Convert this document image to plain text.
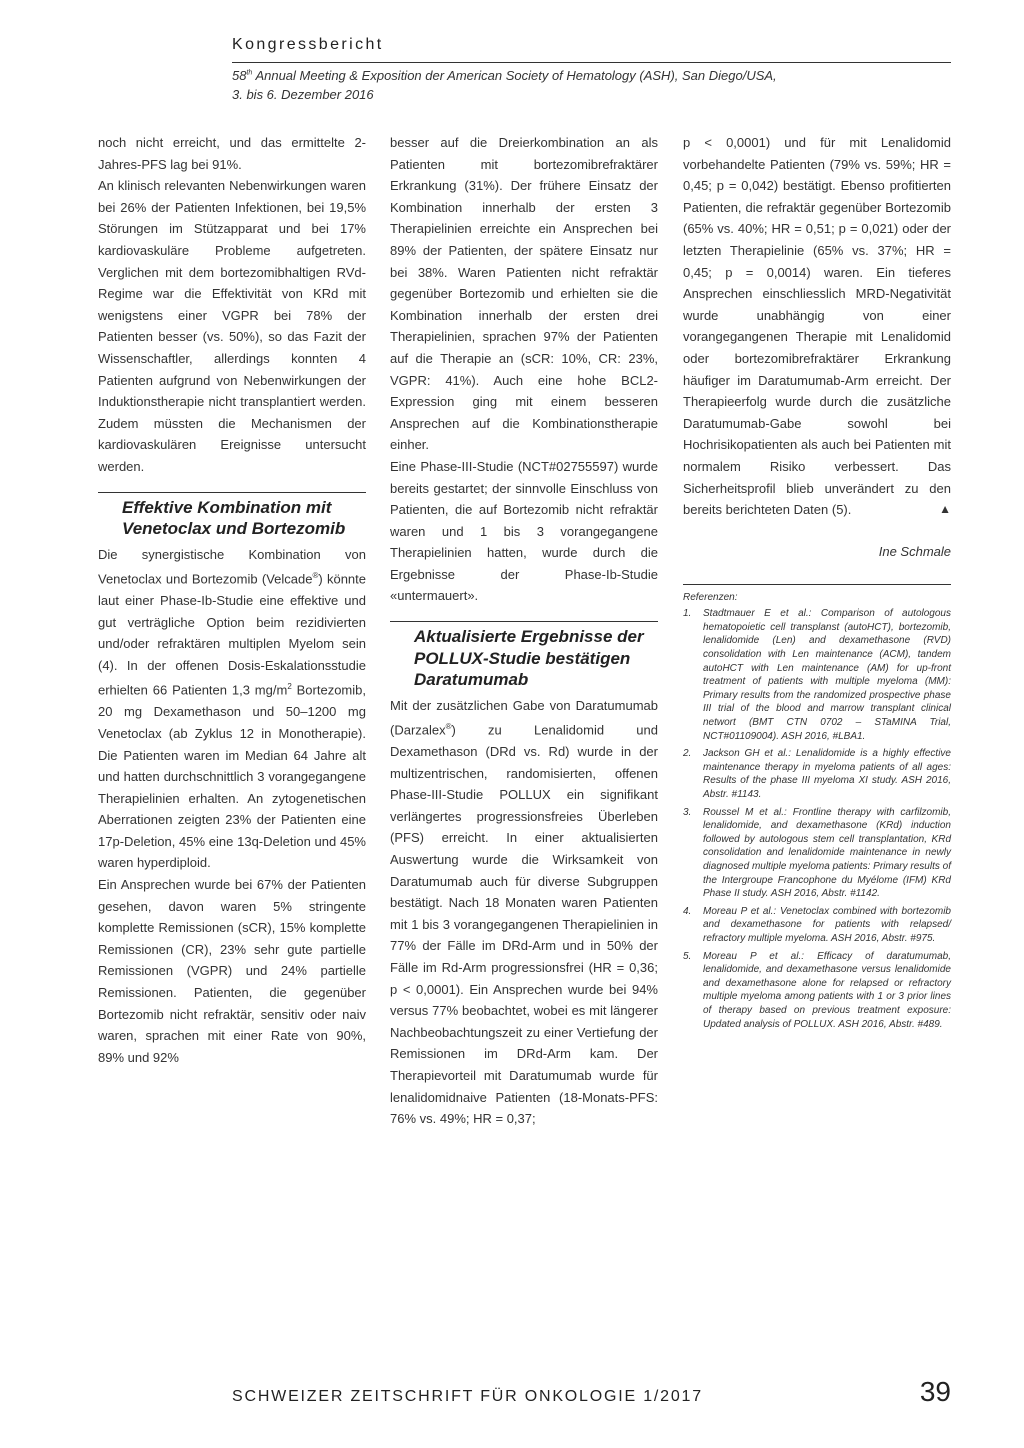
Kongressbericht
58th Annual Meeting & Exposition der American Society of Hematology (ASH), San Diego/USA,
3. bis 6. Dezember 2016

noch nicht erreicht, und das ermittelte 2-Jahres-PFS lag bei 91%.

An klinisch relevanten Nebenwirkungen waren bei 26% der Patienten Infektionen, bei 19,5% Störungen im Stützapparat und bei 17% kardiovaskuläre Probleme aufgetreten. Verglichen mit dem bortezomibhaltigen RVd-Regime war die Effektivität von KRd mit wenigstens einer VGPR bei 78% der Patienten besser (vs. 50%), so das Fazit der Wissenschaftler, allerdings konnten 4 Patienten aufgrund von Nebenwirkungen der Induktionstherapie nicht transplantiert werden. Zudem müssten die Mechanismen der kardiovaskulären Ereignisse untersucht werden.

Effektive Kombination mit Venetoclax und Bortezomib

Die synergistische Kombination von Venetoclax und Bortezomib (Velcade®) könnte laut einer Phase-Ib-Studie eine effektive und gut verträgliche Option beim rezidivierten und/oder refraktären multiplen Myelom sein (4). In der offenen Dosis-Eskalationsstudie erhielten 66 Patienten 1,3 $mg/m^2$ Bortezomib, 20 mg Dexamethason und 50–1200 mg Venetoclax (ab Zyklus 12 in Monotherapie). Die Patienten waren im Median 64 Jahre alt und hatten durchschnittlich 3 vorangegangene Therapielinien erhalten. An zytogenetischen Aberrationen zeigten 23% der Patienten eine 17p-Deletion, 45% eine 13q-Deletion und 45% waren hyperdiploid.

Ein Ansprechen wurde bei 67% der Patienten gesehen, davon waren 5% stringente komplette Remissionen (sCR), 15% komplette Remissionen (CR), 23% sehr gute partielle Remissionen (VGPR) und 24% partielle Remissionen. Patienten, die gegenüber Bortezomib nicht refraktär, sensitiv oder naiv waren, sprachen mit einer Rate von 90%, 89% und 92%

besser auf die Dreierkombination an als Patienten mit bortezomibrefraktärer Erkrankung (31%). Der frühere Einsatz der Kombination innerhalb der ersten 3 Therapielinien erreichte ein Ansprechen bei 89% der Patienten, der spätere Einsatz nur bei 38%. Waren Patienten nicht refraktär gegenüber Bortezomib und erhielten sie die Kombination innerhalb der ersten drei Therapielinien, sprachen 97% der Patienten auf die Therapie an (sCR: 10%, CR: 23%, VGPR: 41%). Auch eine hohe BCL2-Expression ging mit einem besseren Ansprechen auf die Kombinationstherapie einher.

Eine Phase-III-Studie (NCT#02755597) wurde bereits gestartet; der sinnvolle Einschluss von Patienten, die auf Bortezomib nicht refraktär waren und 1 bis 3 vorangegangene Therapielinien hatten, wurde durch die Ergebnisse der Phase-Ib-Studie «untermauert».

Aktualisierte Ergebnisse der POLLUX-Studie bestätigen Daratumumab

Mit der zusätzlichen Gabe von Daratumumab (Darzalex®) zu Lenalidomid und Dexamethason (DRd vs. Rd) wurde in der multizentrischen, randomisierten, offenen Phase-III-Studie POLLUX ein signifikant verlängertes progressionsfreies Überleben (PFS) erreicht. In einer aktualisierten Auswertung wurde die Wirksamkeit von Daratumumab auch für diverse Subgruppen bestätigt. Nach 18 Monaten waren Patienten mit 1 bis 3 vorangegangenen Therapielinien in 77% der Fälle im DRd-Arm und in 50% der Fälle im Rd-Arm progressionsfrei (HR = 0,36; p < 0,0001). Ein Ansprechen wurde bei 94% versus 77% beobachtet, wobei es mit längerer Nachbeobachtungszeit zu einer Vertiefung der Remissionen im DRd-Arm kam. Der Therapievorteil mit Daratumumab wurde für lenalidomidnaive Patienten (18-Monats-PFS: 76% vs. 49%; HR = 0,37;

p < 0,0001) und für mit Lenalidomid vorbehandelte Patienten (79% vs. 59%; HR = 0,45; p = 0,042) bestätigt. Ebenso profitierten Patienten, die refraktär gegenüber Bortezomib (65% vs. 40%; HR = 0,51; p = 0,021) oder der letzten Therapielinie (65% vs. 37%; HR = 0,45; p = 0,0014) waren. Ein tieferes Ansprechen einschliesslich MRD-Negativität wurde unabhängig von einer vorangegangenen Therapie mit Lenalidomid oder bortezomibrefraktärer Erkrankung häufiger im Daratumumab-Arm erreicht. Der Therapieerfolg wurde durch die zusätzliche Daratumumab-Gabe sowohl bei Hochrisikopatienten als auch bei Patienten mit normalem Risiko verbessert. Das Sicherheitsprofil blieb unverändert zu den bereits berichteten Daten (5).	▲

Ine Schmale
Referenzen:
1.	Stadtmauer E et al.: Comparison of autologous hematopoietic cell transplanst (autoHCT), bortezomib, lenalidomide (Len) and dexamethasone (RVD) consolidation with Len maintenance (ACM), tandem autoHCT with Len maintenance (AM) for up-front treatment of patients with multiple myeloma (MM): Primary results from the randomized prospective phase III trial of the blood and marrow transplant clinical networt (BMT CTN 0702 – STaMINA Trial, NCT#01109004). ASH 2016, #LBA1.
2.	Jackson GH et al.: Lenalidomide is a highly effective maintenance therapy in myeloma patients of all ages: Results of the phase III myeloma XI study. ASH 2016, Abstr. #1143.
3.	Roussel M et al.: Frontline therapy with carfilzomib, lenalidomide, and dexamethasone (KRd) induction followed by autologous stem cell transplantation, KRd consolidation and lenalidomide maintenance in newly diagnosed multiple myeloma patients: Primary results of the Intergroupe Francophone du Myélome (IFM) KRd Phase II study. ASH 2016, Abstr. #1142.
4.	Moreau P et al.: Venetoclax combined with bortezomib and dexamethasone for patients with relapsed/ refractory multiple myeloma. ASH 2016, Abstr. #975.
5.	Moreau P et al.: Efficacy of daratumumab, lenalidomide, and dexamethasone versus lenalidomide and dexamethasone alone for relapsed or refractory multiple myeloma among patients with 1 or 3 prior lines of therapy based on previous treatment exposure: Updated analysis of POLLUX. ASH 2016, Abstr. #489.
SCHWEIZER ZEITSCHRIFT FÜR ONKOLOGIE 1/2017	39
